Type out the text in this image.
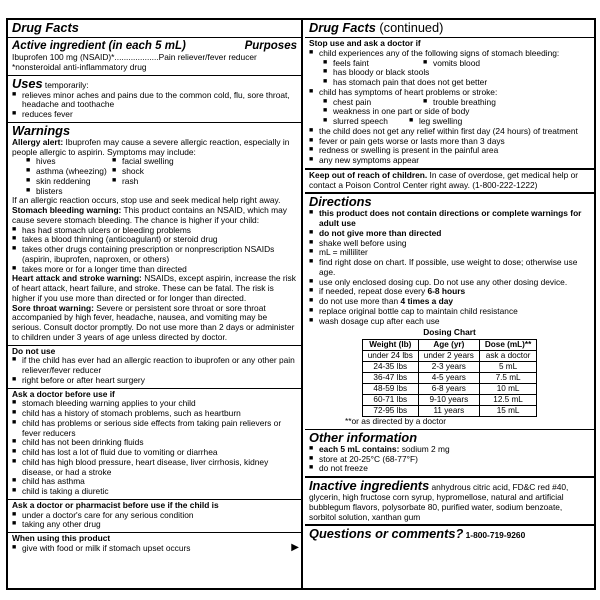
Drug Facts
Active ingredient (in each 5 mL)	Purposes
Ibuprofen 100 mg (NSAID)*...................Pain reliever/fever reducer
*nonsteroidal anti-inflammatory drug
Uses temporarily:
■ relieves minor aches and pains due to the common cold, flu, sore throat, headache and toothache
■ reduces fever
Warnings
Allergy alert: Ibuprofen may cause a severe allergic reaction, especially in people allergic to aspirin. Symptoms may include:
■ hives	■ facial swelling
■ asthma (wheezing)	■ shock
■ skin reddening	■ rash
■ blisters
If an allergic reaction occurs, stop use and seek medical help right away.
Stomach bleeding warning: This product contains an NSAID, which may cause severe stomach bleeding. The chance is higher if your child:
■ has had stomach ulcers or bleeding problems
■ takes a blood thinning (anticoagulant) or steroid drug
■ takes other drugs containing prescription or nonprescription NSAIDs (aspirin, ibuprofen, naproxen, or others)
■ takes more or for a longer time than directed
Heart attack and stroke warning: NSAIDs, except aspirin, increase the risk of heart attack, heart failure, and stroke. These can be fatal. The risk is higher if you use more than directed or for longer than directed.
Sore throat warning: Severe or persistent sore throat or sore throat accompanied by high fever, headache, nausea, and vomiting may be serious. Consult doctor promptly. Do not use more than 2 days or administer to children under 3 years of age unless directed by doctor.
Do not use
■ if the child has ever had an allergic reaction to ibuprofen or any other pain reliever/fever reducer
■ right before or after heart surgery
Ask a doctor before use if
■ stomach bleeding warning applies to your child
■ child has a history of stomach problems, such as heartburn
■ child has problems or serious side effects from taking pain relievers or fever reducers
■ child has not been drinking fluids
■ child has lost a lot of fluid due to vomiting or diarrhea
■ child has high blood pressure, heart disease, liver cirrhosis, kidney disease, or had a stroke
■ child has asthma
■ child is taking a diuretic
Ask a doctor or pharmacist before use if the child is
■ under a doctor's care for any serious condition
■ taking any other drug
When using this product
■ give with food or milk if stomach upset occurs	▶
Drug Facts (continued)
Stop use and ask a doctor if
■ child experiences any of the following signs of stomach bleeding:
■ feels faint	■ vomits blood
■ has bloody or black stools
■ has stomach pain that does not get better
■ child has symptoms of heart problems or stroke:
■ chest pain	■ trouble breathing
■ weakness in one part or side of body
■ slurred speech	■ leg swelling
■ the child does not get any relief within first day (24 hours) of treatment
■ fever or pain gets worse or lasts more than 3 days
■ redness or swelling is present in the painful area
■ any new symptoms appear
Keep out of reach of children. In case of overdose, get medical help or contact a Poison Control Center right away. (1-800-222-1222)
Directions
■ this product does not contain directions or complete warnings for adult use
■ do not give more than directed
■ shake well before using
■ mL = milliliter
■ find right dose on chart. If possible, use weight to dose; otherwise use age.
■ use only enclosed dosing cup. Do not use any other dosing device.
■ if needed, repeat dose every 6-8 hours
■ do not use more than 4 times a day
■ replace original bottle cap to maintain child resistance
■ wash dosage cup after each use
Dosing Chart
Weight (lb)	Age (yr)	Dose (mL)**
under 24 lbs	under 2 years	ask a doctor
24-35 lbs	2-3 years	5 mL
36-47 lbs	4-5 years	7.5 mL
48-59 lbs	6-8 years	10 mL
60-71 lbs	9-10 years	12.5 mL
72-95 lbs	11 years	15 mL
**or as directed by a doctor
Other information
■ each 5 mL contains: sodium 2 mg
■ store at 20-25°C (68-77°F)
■ do not freeze
Inactive ingredients anhydrous citric acid, FD&C red #40, glycerin, high fructose corn syrup, hypromellose, natural and artificial bubblegum flavors, polysorbate 80, purified water, sodium benzoate, sorbitol solution, xanthan gum
Questions or comments? 1-800-719-9260
